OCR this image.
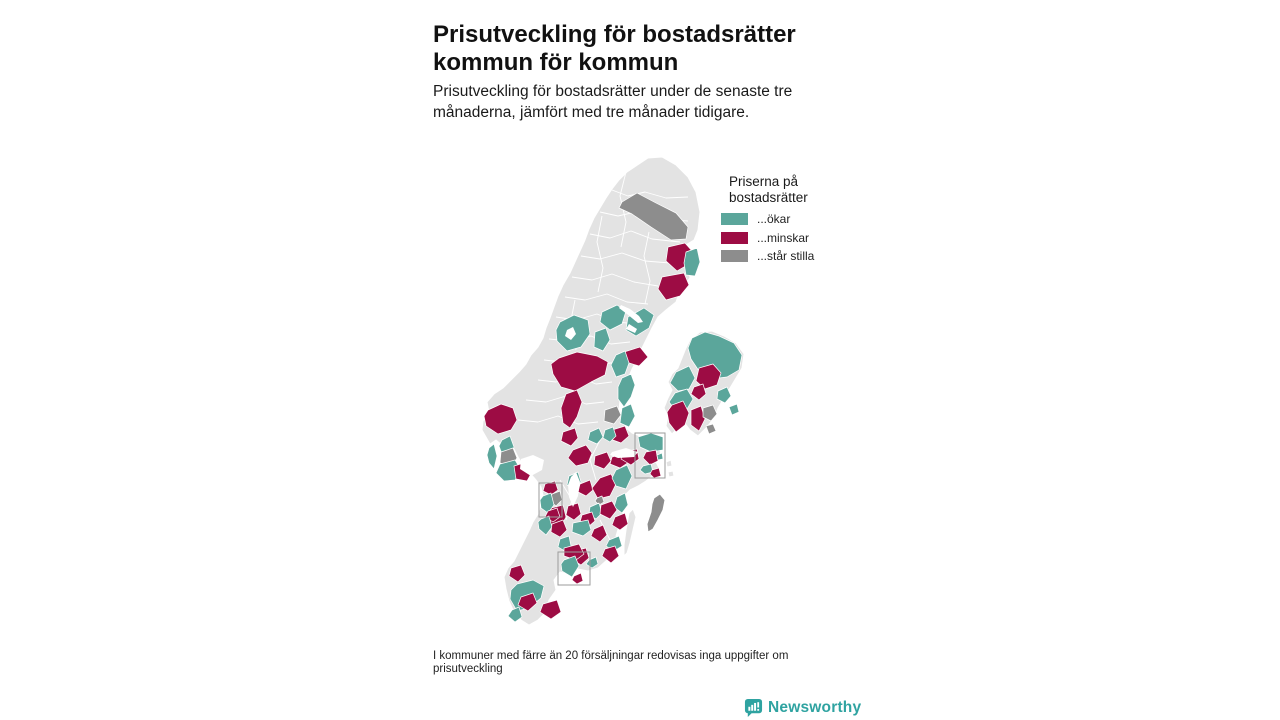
Prisutveckling för bostadsrätter
kommun för kommun
Prisutveckling för bostadsrätter under de senaste tre
månaderna, jämfört med tre månader tidigare.
Priserna på
bostadsrätter
...ökar
...minskar
...står stilla
I kommuner med färre än 20 försäljningar redovisas inga uppgifter om
prisutveckling
Newsworthy
